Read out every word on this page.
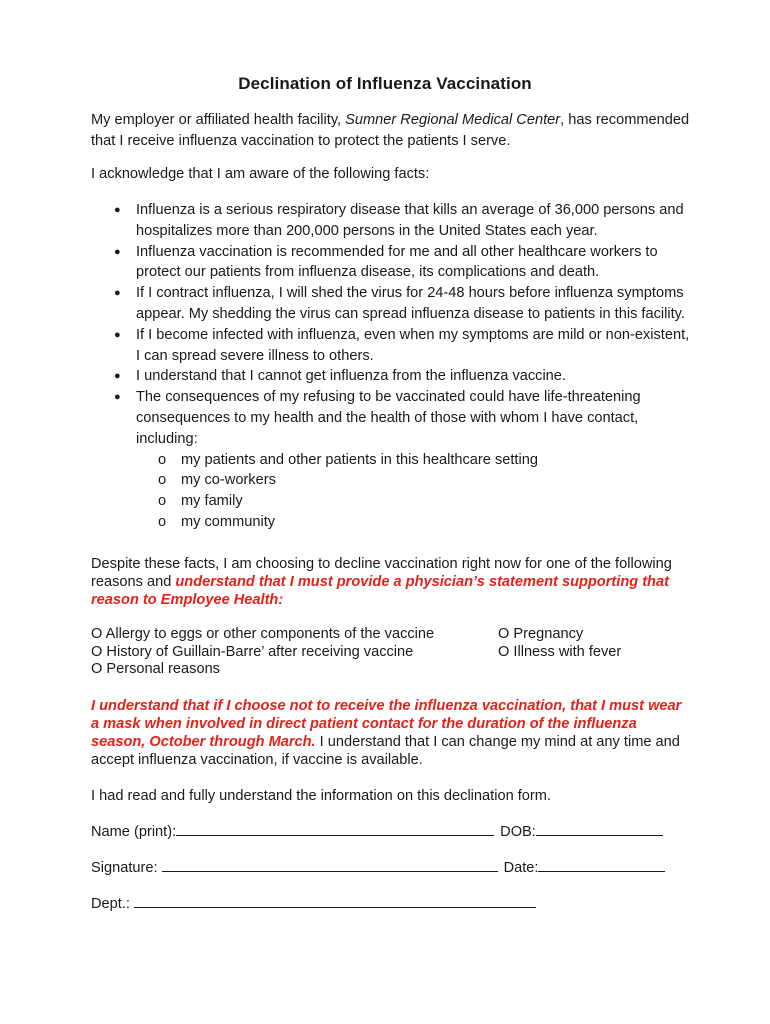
Declination of Influenza Vaccination
My employer or affiliated health facility, Sumner Regional Medical Center, has recommended that I receive influenza vaccination to protect the patients I serve.
I acknowledge that I am aware of the following facts:
● Influenza is a serious respiratory disease that kills an average of 36,000 persons and hospitalizes more than 200,000 persons in the United States each year.
● Influenza vaccination is recommended for me and all other healthcare workers to protect our patients from influenza disease, its complications and death.
● If I contract influenza, I will shed the virus for 24-48 hours before influenza symptoms appear. My shedding the virus can spread influenza disease to patients in this facility.
● If I become infected with influenza, even when my symptoms are mild or non-existent, I can spread severe illness to others.
● I understand that I cannot get influenza from the influenza vaccine.
● The consequences of my refusing to be vaccinated could have life-threatening consequences to my health and the health of those with whom I have contact, including:
o my patients and other patients in this healthcare setting
o my co-workers
o my family
o my community
Despite these facts, I am choosing to decline vaccination right now for one of the following reasons and understand that I must provide a physician’s statement supporting that reason to Employee Health:
O Allergy to eggs or other components of the vaccine
O History of Guillain-Barre’ after receiving vaccine
O Personal reasons
O Pregnancy
O Illness with fever
I understand that if I choose not to receive the influenza vaccination, that I must wear a mask when involved in direct patient contact for the duration of the influenza season, October through March. I understand that I can change my mind at any time and accept influenza vaccination, if vaccine is available.
I had read and fully understand the information on this declination form.
Name (print):	DOB:
Signature:	Date:
Dept.:
